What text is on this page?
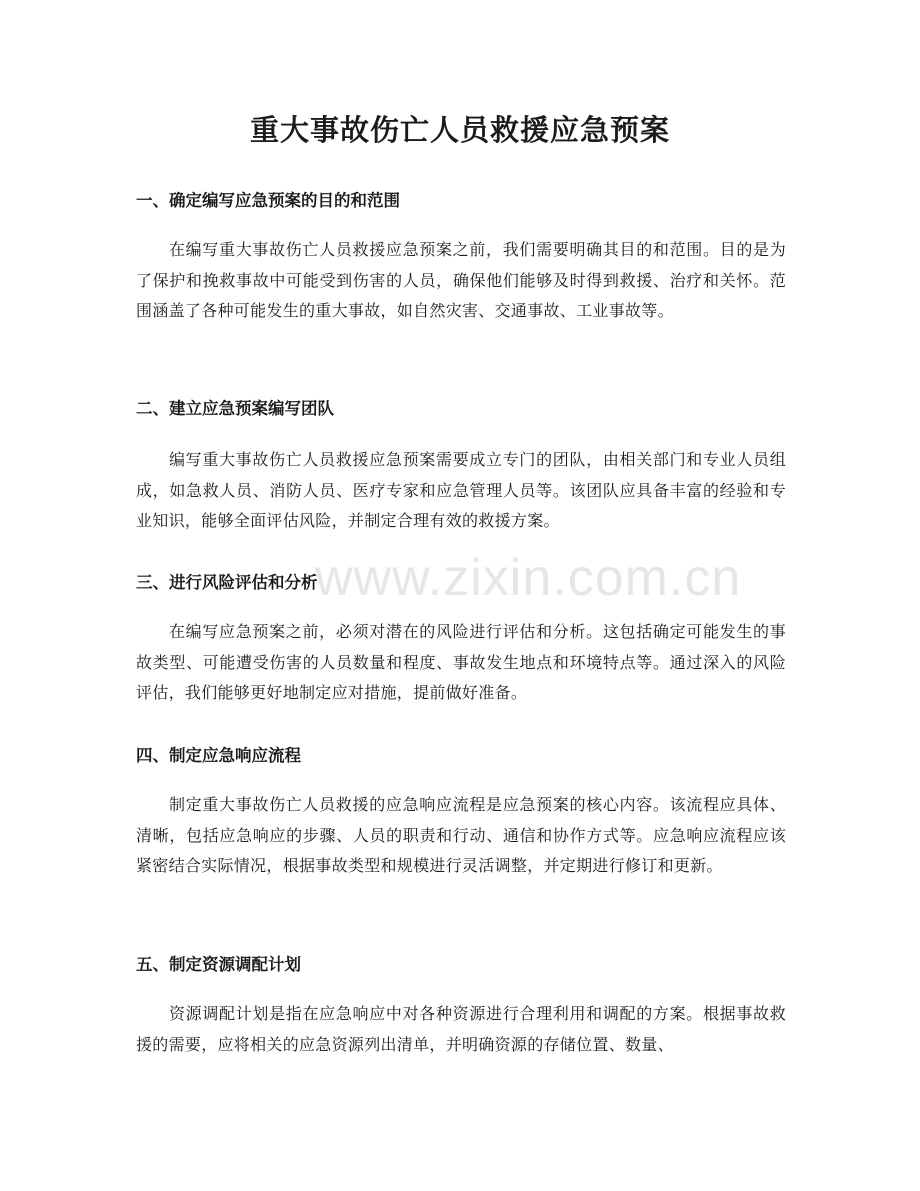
www.zixin.com.cn
重大事故伤亡人员救援应急预案
一、确定编写应急预案的目的和范围

在编写重大事故伤亡人员救援应急预案之前，我们需要明确其目的和范围。目的是为了保护和挽救事故中可能受到伤害的人员，确保他们能够及时得到救援、治疗和关怀。范围涵盖了各种可能发生的重大事故，如自然灾害、交通事故、工业事故等。

二、建立应急预案编写团队

编写重大事故伤亡人员救援应急预案需要成立专门的团队，由相关部门和专业人员组成，如急救人员、消防人员、医疗专家和应急管理人员等。该团队应具备丰富的经验和专业知识，能够全面评估风险，并制定合理有效的救援方案。

三、进行风险评估和分析

在编写应急预案之前，必须对潜在的风险进行评估和分析。这包括确定可能发生的事故类型、可能遭受伤害的人员数量和程度、事故发生地点和环境特点等。通过深入的风险评估，我们能够更好地制定应对措施，提前做好准备。

四、制定应急响应流程

制定重大事故伤亡人员救援的应急响应流程是应急预案的核心内容。该流程应具体、清晰，包括应急响应的步骤、人员的职责和行动、通信和协作方式等。应急响应流程应该紧密结合实际情况，根据事故类型和规模进行灵活调整，并定期进行修订和更新。

五、制定资源调配计划

资源调配计划是指在应急响应中对各种资源进行合理利用和调配的方案。根据事故救援的需要，应将相关的应急资源列出清单，并明确资源的存储位置、数量、
